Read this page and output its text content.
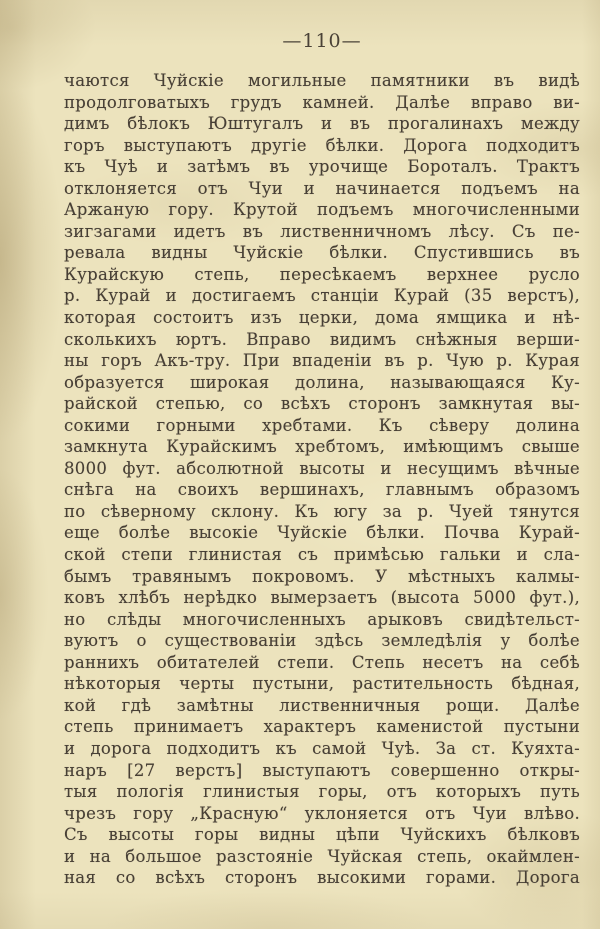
—110—
чаются Чуйскіе могильные памятники въ видѣ
продолговатыхъ грудъ камней. Далѣе вправо ви-
димъ бѣлокъ Юштугалъ и въ прогалинахъ между
горъ выступаютъ другіе бѣлки. Дорога подходитъ
къ Чуѣ и затѣмъ въ урочище Бороталъ. Трактъ
отклоняется отъ Чуи и начинается подъемъ на
Аржаную гору. Крутой подъемъ многочисленными
зигзагами идетъ въ лиственничномъ лѣсу. Съ пе-
ревала видны Чуйскіе бѣлки. Спустившись въ
Курайскую степь, пересѣкаемъ верхнее русло
р. Курай и достигаемъ станціи Курай (35 верстъ),
которая состоитъ изъ церки, дома ямщика и нѣ-
сколькихъ юртъ. Вправо видимъ снѣжныя верши-
ны горъ Акъ-тру. При впаденіи въ р. Чую р. Курая
образуется широкая долина, называющаяся Ку-
райской степью, со всѣхъ сторонъ замкнутая вы-
сокими горными хребтами. Къ сѣверу долина
замкнута Курайскимъ хребтомъ, имѣющимъ свыше
8000 фут. абсолютной высоты и несущимъ вѣчные
снѣга на своихъ вершинахъ, главнымъ образомъ
по сѣверному склону. Къ югу за р. Чуей тянутся
еще болѣе высокіе Чуйскіе бѣлки. Почва Курай-
ской степи глинистая съ примѣсью гальки и сла-
бымъ травянымъ покровомъ. У мѣстныхъ калмы-
ковъ хлѣбъ нерѣдко вымерзаетъ (высота 5000 фут.),
но слѣды многочисленныхъ арыковъ свидѣтельст-
вуютъ о существованіи здѣсь земледѣлія у болѣе
раннихъ обитателей степи. Степь несетъ на себѣ
нѣкоторыя черты пустыни, растительность бѣдная,
кой гдѣ замѣтны лиственничныя рощи. Далѣе
степь принимаетъ характеръ каменистой пустыни
и дорога подходитъ къ самой Чуѣ. За ст. Куяхта-
наръ [27 верстъ] выступаютъ совершенно откры-
тыя пологія глинистыя горы, отъ которыхъ путь
чрезъ гору „Красную“ уклоняется отъ Чуи влѣво.
Съ высоты горы видны цѣпи Чуйскихъ бѣлковъ
и на большое разстояніе Чуйская степь, окаймлен-
ная со всѣхъ сторонъ высокими горами. Дорога
